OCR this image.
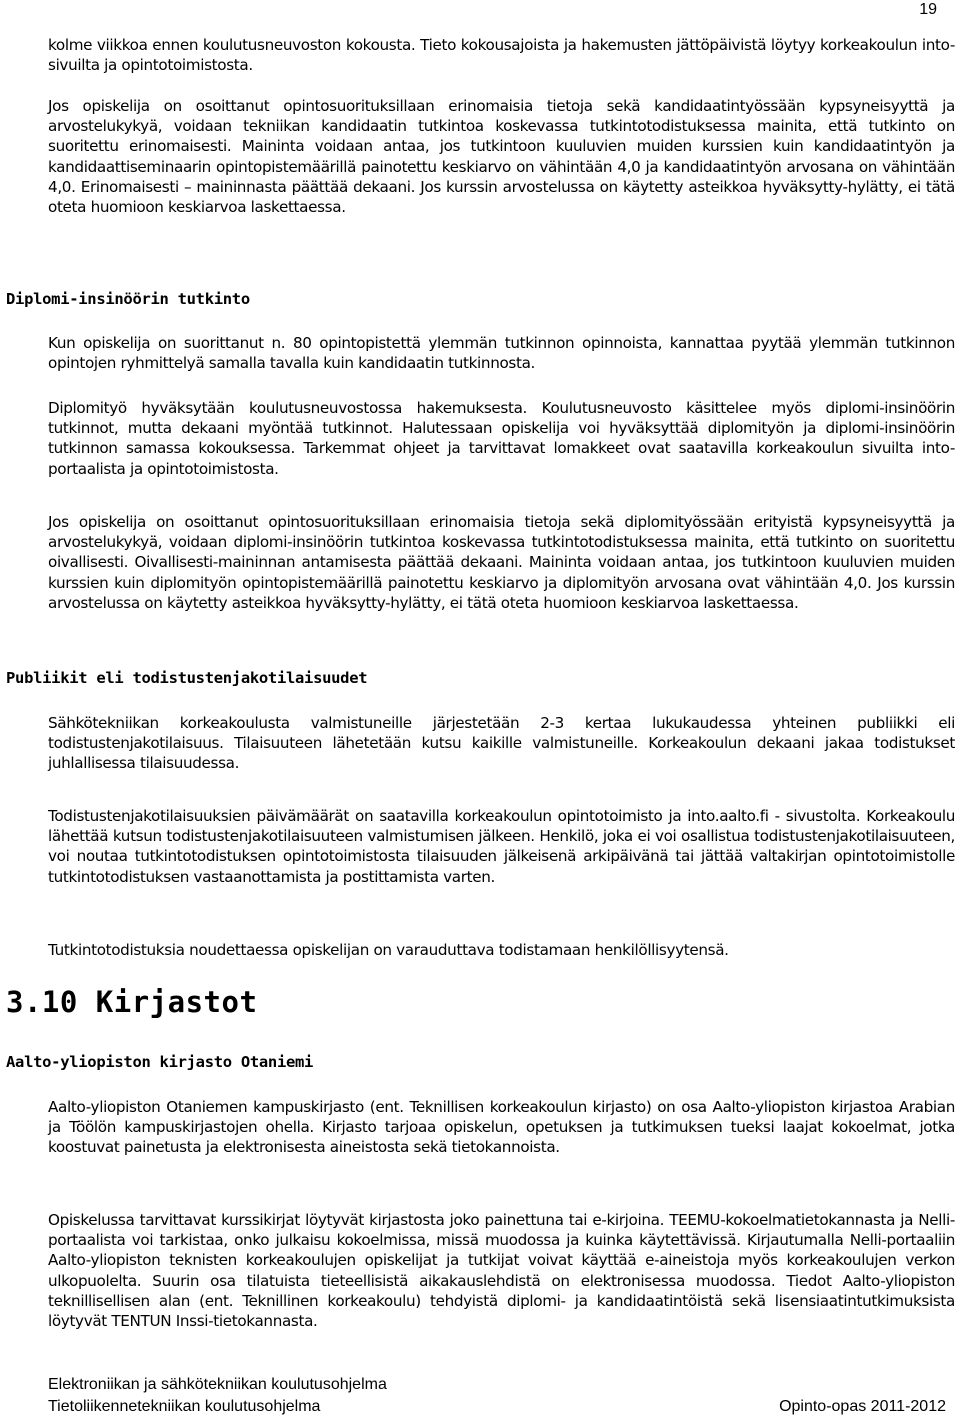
19

kolme viikkoa ennen koulutusneuvoston kokousta. Tieto kokousajoista ja hakemusten jättöpäivistä löytyy korkeakoulun into-sivuilta ja opintotoimistosta.

Jos opiskelija on osoittanut opintosuorituksillaan erinomaisia tietoja sekä kandidaatintyössään kypsyneisyyttä ja arvostelukykyä, voidaan tekniikan kandidaatin tutkintoa koskevassa tutkintotodistuksessa mainita, että tutkinto on suoritettu erinomaisesti. Maininta voidaan antaa, jos tutkintoon kuuluvien muiden kurssien kuin kandidaatintyön ja kandidaattiseminaarin opintopistemäärillä painotettu keskiarvo on vähintään 4,0 ja kandidaatintyön arvosana on vähintään 4,0. Erinomaisesti – maininnasta päättää dekaani. Jos kurssin arvostelussa on käytetty asteikkoa hyväksytty-hylätty, ei tätä oteta huomioon keskiarvoa laskettaessa.

Diplomi-insinöörin tutkinto

Kun opiskelija on suorittanut n. 80 opintopistettä ylemmän tutkinnon opinnoista, kannattaa pyytää ylemmän tutkinnon opintojen ryhmittelyä samalla tavalla kuin kandidaatin tutkinnosta.

Diplomityö hyväksytään koulutusneuvostossa hakemuksesta. Koulutusneuvosto käsittelee myös diplomi-insinöörin tutkinnot, mutta dekaani myöntää tutkinnot. Halutessaan opiskelija voi hyväksyttää diplomityön ja diplomi-insinöörin tutkinnon samassa kokouksessa. Tarkemmat ohjeet ja tarvittavat lomakkeet ovat saatavilla korkeakoulun sivuilta into-portaalista ja opintotoimistosta.

Jos opiskelija on osoittanut opintosuorituksillaan erinomaisia tietoja sekä diplomityössään erityistä kypsyneisyyttä ja arvostelukykyä, voidaan diplomi-insinöörin tutkintoa koskevassa tutkintotodistuksessa mainita, että tutkinto on suoritettu oivallisesti. Oivallisesti-maininnan antamisesta päättää dekaani. Maininta voidaan antaa, jos tutkintoon kuuluvien muiden kurssien kuin diplomityön opintopistemäärillä painotettu keskiarvo ja diplomityön arvosana ovat vähintään 4,0. Jos kurssin arvostelussa on käytetty asteikkoa hyväksytty-hylätty, ei tätä oteta huomioon keskiarvoa laskettaessa.

Publiikit eli todistustenjakotilaisuudet

Sähkötekniikan korkeakoulusta valmistuneille järjestetään 2-3 kertaa lukukaudessa yhteinen publiikki eli todistustenjakotilaisuus. Tilaisuuteen lähetetään kutsu kaikille valmistuneille. Korkeakoulun dekaani jakaa todistukset juhlallisessa tilaisuudessa.

Todistustenjakotilaisuuksien päivämäärät on saatavilla korkeakoulun opintotoimisto ja into.aalto.fi - sivustolta. Korkeakoulu lähettää kutsun todistustenjakotilaisuuteen valmistumisen jälkeen. Henkilö, joka ei voi osallistua todistustenjakotilaisuuteen, voi noutaa tutkintotodistuksen opintotoimistosta tilaisuuden jälkeisenä arkipäivänä tai jättää valtakirjan opintotoimistolle tutkintotodistuksen vastaanottamista ja postittamista varten.

Tutkintotodistuksia noudettaessa opiskelijan on varauduttava todistamaan henkilöllisyytensä.

3.10 Kirjastot
Aalto-yliopiston kirjasto Otaniemi

Aalto-yliopiston Otaniemen kampuskirjasto (ent. Teknillisen korkeakoulun kirjasto) on osa Aalto-yliopiston kirjastoa Arabian ja Töölön kampuskirjastojen ohella. Kirjasto tarjoaa opiskelun, opetuksen ja tutkimuksen tueksi laajat kokoelmat, jotka koostuvat painetusta ja elektronisesta aineistosta sekä tietokannoista.

Opiskelussa tarvittavat kurssikirjat löytyvät kirjastosta joko painettuna tai e-kirjoina. TEEMU-kokoelmatietokannasta ja Nelli-portaalista voi tarkistaa, onko julkaisu kokoelmissa, missä muodossa ja kuinka käytettävissä. Kirjautumalla Nelli-portaaliin Aalto-yliopiston teknisten korkeakoulujen opiskelijat ja tutkijat voivat käyttää e-aineistoja myös korkeakoulujen verkon ulkopuolelta. Suurin osa tilatuista tieteellisistä aikakauslehdistä on elektronisessa muodossa. Tiedot Aalto-yliopiston teknillisellisen alan (ent. Teknillinen korkeakoulu) tehdyistä diplomi- ja kandidaatintöistä sekä lisensiaatintutkimuksista löytyvät TENTUN Inssi-tietokannasta.

Elektroniikan ja sähkötekniikan koulutusohjelma
Tietoliikennetekniikan koulutusohjelma	Opinto-opas 2011-2012
